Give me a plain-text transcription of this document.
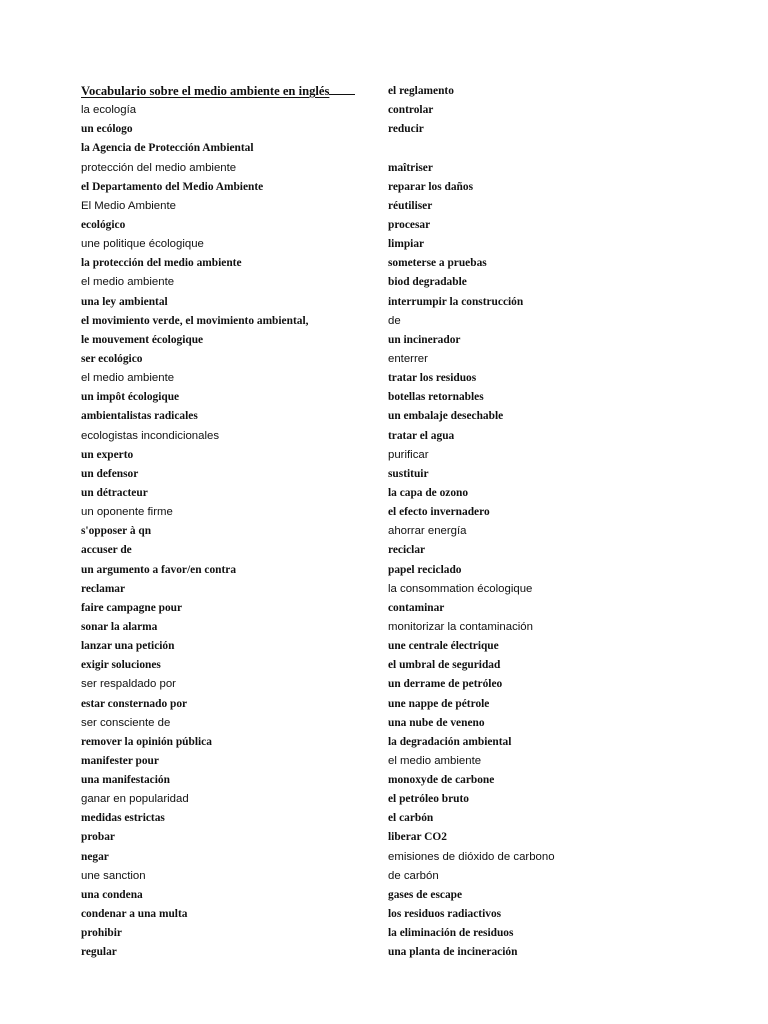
Vocabulario sobre el medio ambiente en inglés
la ecología
un ecólogo
la Agencia de Protección Ambiental
protección del medio ambiente
el Departamento del Medio Ambiente
El Medio Ambiente
ecológico
une politique écologique
la protección del medio ambiente
el medio ambiente
una ley ambiental
el movimiento verde, el movimiento ambiental,
le mouvement écologique
ser ecológico
el medio ambiente
un impôt écologique
ambientalistas radicales
ecologistas incondicionales
un experto
un defensor
un détracteur
un oponente firme
s'opposer à qn
accuser de
un argumento a favor/en contra
reclamar
faire campagne pour
sonar la alarma
lanzar una petición
exigir soluciones
ser respaldado por
estar consternado por
ser consciente de
remover la opinión pública
manifester pour
una manifestación
ganar en popularidad
medidas estrictas
probar
negar
une sanction
una condena
condenar a una multa
prohibir
regular
el reglamento
controlar
reducir
maîtriser
reparar los daños
réutiliser
procesar
limpiar
someterse a pruebas
biod degradable
interrumpir la construcción
de
un incinerador
enterrer
tratar los residuos
botellas retornables
un embalaje desechable
tratar el agua
purificar
sustituir
la capa de ozono
el efecto invernadero
ahorrar energía
reciclar
papel reciclado
la consommation écologique
contaminar
monitorizar la contaminación
une centrale électrique
el umbral de seguridad
un derrame de petróleo
une nappe de pétrole
una nube de veneno
la degradación ambiental
el medio ambiente
monoxyde de carbone
el petróleo bruto
el carbón
liberar CO2
emisiones de dióxido de carbono
de carbón
gases de escape
los residuos radiactivos
la eliminación de residuos
una planta de incineración
